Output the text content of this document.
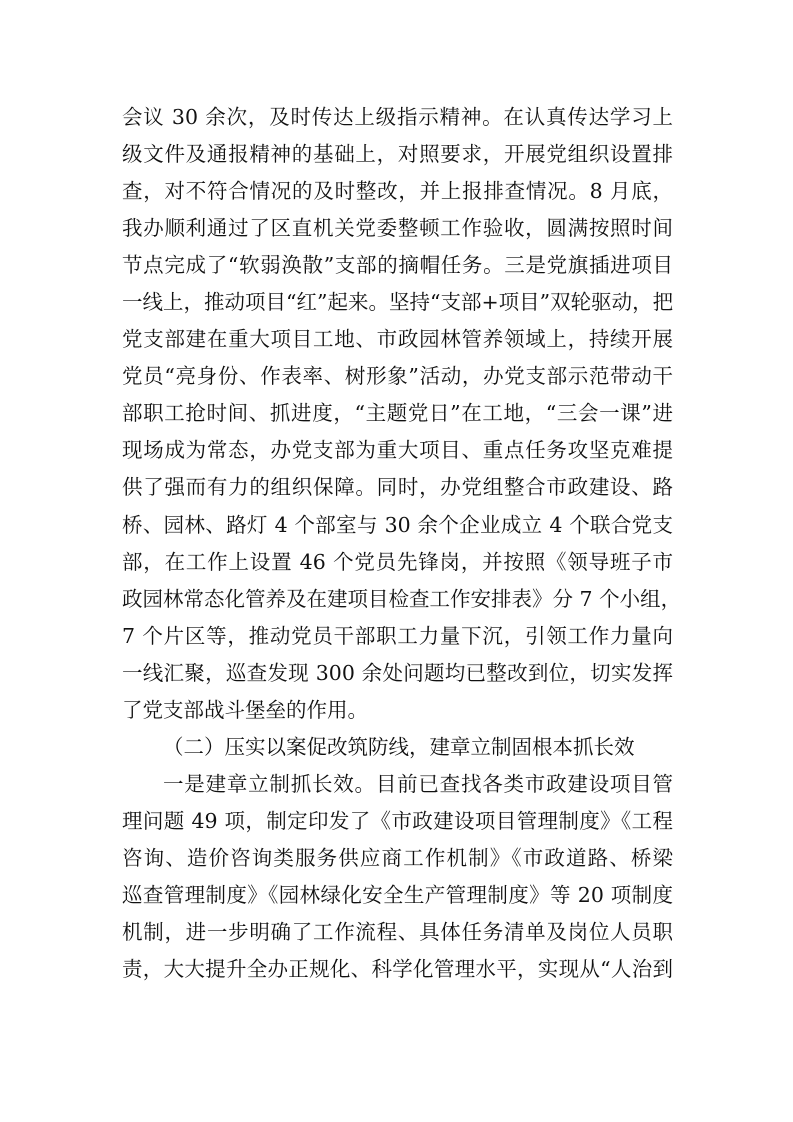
会议 30 余次，及时传达上级指示精神。在认真传达学习上
级文件及通报精神的基础上，对照要求，开展党组织设置排
查，对不符合情况的及时整改，并上报排查情况。8 月底，
我办顺利通过了区直机关党委整顿工作验收，圆满按照时间
节点完成了“软弱涣散”支部的摘帽任务。三是党旗插进项目
一线上，推动项目“红”起来。坚持“支部+项目”双轮驱动，把
党支部建在重大项目工地、市政园林管养领域上，持续开展
党员“亮身份、作表率、树形象”活动，办党支部示范带动干
部职工抢时间、抓进度，“主题党日”在工地，“三会一课”进
现场成为常态，办党支部为重大项目、重点任务攻坚克难提
供了强而有力的组织保障。同时，办党组整合市政建设、路
桥、园林、路灯 4 个部室与 30 余个企业成立 4 个联合党支
部，在工作上设置 46 个党员先锋岗，并按照《领导班子市
政园林常态化管养及在建项目检查工作安排表》分 7 个小组，
7 个片区等，推动党员干部职工力量下沉，引领工作力量向
一线汇聚，巡查发现 300 余处问题均已整改到位，切实发挥
了党支部战斗堡垒的作用。
（二）压实以案促改筑防线，建章立制固根本抓长效
一是建章立制抓长效。目前已查找各类市政建设项目管
理问题 49 项，制定印发了《市政建设项目管理制度》《工程
咨询、造价咨询类服务供应商工作机制》《市政道路、桥梁
巡查管理制度》《园林绿化安全生产管理制度》等 20 项制度
机制，进一步明确了工作流程、具体任务清单及岗位人员职
责，大大提升全办正规化、科学化管理水平，实现从“人治到
